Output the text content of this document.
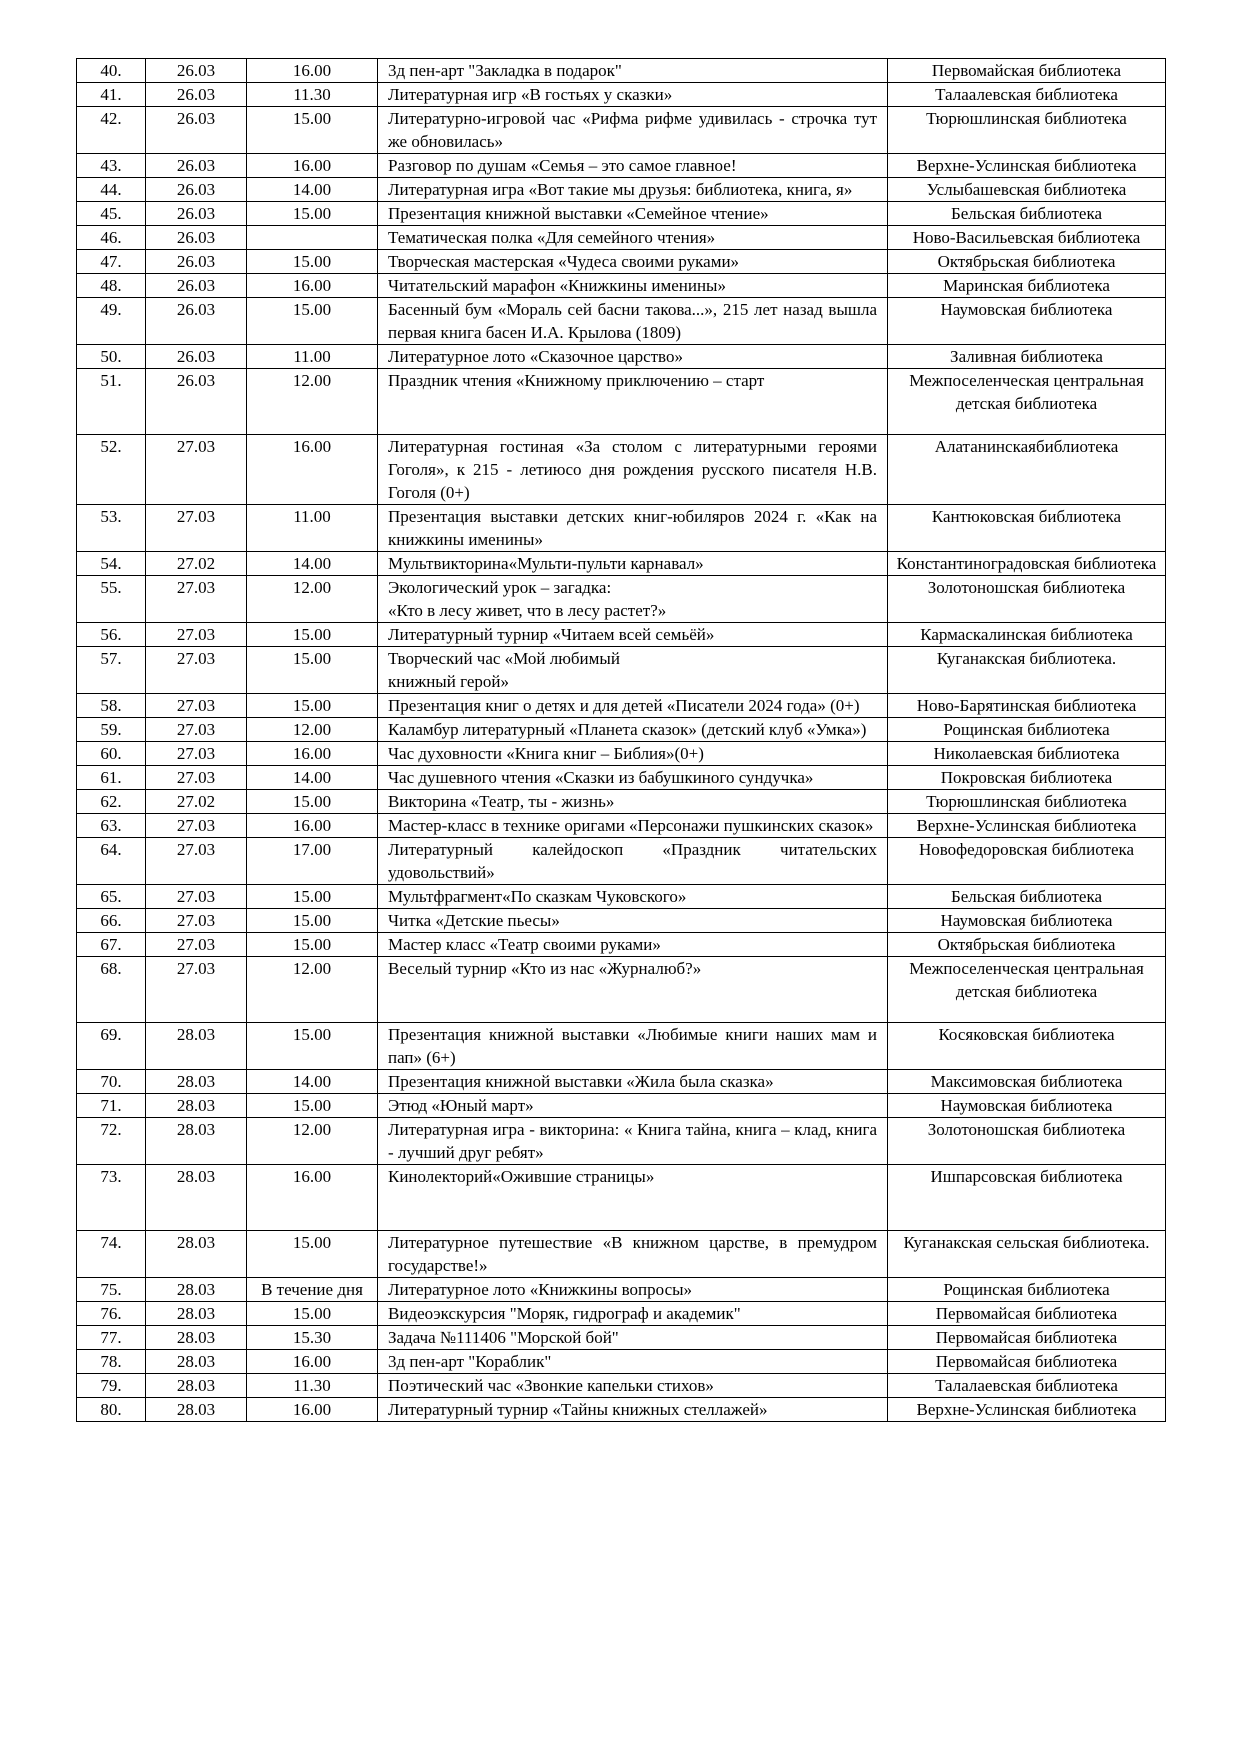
40.	26.03	16.00	3д пен-арт "Закладка в подарок"	Первомайская библиотека
41.	26.03	11.30	Литературная игр «В гостьях у сказки»	Талаалевская библиотека
42.	26.03	15.00	Литературно-игровой час «Рифма рифме удивилась - строчка тут же обновилась»	Тюрюшлинская библиотека
43.	26.03	16.00	Разговор по душам «Семья – это самое главное!	Верхне-Услинская библиотека
44.	26.03	14.00	Литературная игра «Вот такие мы друзья: библиотека, книга, я»	Услыбашевская библиотека
45.	26.03	15.00	Презентация книжной выставки «Семейное чтение»	Бельская библиотека
46.	26.03		Тематическая полка «Для семейного чтения»	Ново-Васильевская библиотека
47.	26.03	15.00	Творческая мастерская «Чудеса своими руками»	Октябрьская библиотека
48.	26.03	16.00	Читательский марафон «Книжкины именины»	Маринская библиотека
49.	26.03	15.00	Басенный бум «Мораль сей басни такова...», 215 лет назад вышла первая книга басен И.А. Крылова (1809)	Наумовская библиотека
50.	26.03	11.00	Литературное лото «Сказочное царство»	Заливная библиотека
51.	26.03	12.00	Праздник чтения «Книжному приключению – старт	Межпоселенческая центральная детская библиотека
52.	27.03	16.00	Литературная гостиная «За столом с литературными героями Гоголя», к 215 - летиюсо дня рождения русского писателя Н.В. Гоголя (0+)	Алатанинскаябиблиотека
53.	27.03	11.00	Презентация выставки детских книг-юбиляров 2024 г. «Как на книжкины именины»	Кантюковская библиотека
54.	27.02	14.00	Мультвикторина«Мульти-пульти карнавал»	Константиноградовская библиотека
55.	27.03	12.00	Экологический урок – загадка:
«Кто в лесу живет, что в лесу растет?»	Золотоношская библиотека
56.	27.03	15.00	Литературный турнир «Читаем всей семьёй»	Кармаскалинская библиотека
57.	27.03	15.00	Творческий час «Мой любимый
книжный герой»	Куганакская библиотека.
58.	27.03	15.00	Презентация книг о детях и для детей «Писатели 2024 года» (0+)	Ново-Барятинская библиотека
59.	27.03	12.00	Каламбур литературный «Планета сказок» (детский клуб «Умка»)	Рощинская библиотека
60.	27.03	16.00	Час духовности «Книга книг – Библия»(0+)	Николаевская библиотека
61.	27.03	14.00	Час душевного чтения «Сказки из бабушкиного сундучка»	Покровская библиотека
62.	27.02	15.00	Викторина «Театр, ты - жизнь»	Тюрюшлинская библиотека
63.	27.03	16.00	Мастер-класс в технике оригами «Персонажи пушкинских сказок»	Верхне-Услинская библиотека
64.	27.03	17.00	Литературный калейдоскоп «Праздник читательских удовольствий»	Новофедоровская библиотека
65.	27.03	15.00	Мультфрагмент«По сказкам Чуковского»	Бельская библиотека
66.	27.03	15.00	Читка «Детские пьесы»	Наумовская библиотека
67.	27.03	15.00	Мастер класс «Театр своими руками»	Октябрьская библиотека
68.	27.03	12.00	Веселый турнир «Кто из нас «Журналюб?»	Межпоселенческая центральная детская библиотека
69.	28.03	15.00	Презентация книжной выставки «Любимые книги наших мам и пап» (6+)	Косяковская библиотека
70.	28.03	14.00	Презентация книжной выставки «Жила была сказка»	Максимовская библиотека
71.	28.03	15.00	Этюд «Юный март»	Наумовская библиотека
72.	28.03	12.00	Литературная игра - викторина: « Книга тайна, книга – клад, книга - лучший друг ребят»	Золотоношская библиотека
73.	28.03	16.00	Кинолекторий«Ожившие страницы»	Ишпарсовская библиотека
74.	28.03	15.00	Литературное путешествие «В книжном царстве, в премудром государстве!»	Куганакская сельская библиотека.
75.	28.03	В течение дня	Литературное лото «Книжкины вопросы»	Рощинская библиотека
76.	28.03	15.00	Видеоэкскурсия "Моряк, гидрограф и академик"	Первомайсая библиотека
77.	28.03	15.30	Задача №111406 "Морской бой"	Первомайсая библиотека
78.	28.03	16.00	3д пен-арт "Кораблик"	Первомайсая библиотека
79.	28.03	11.30	Поэтический час «Звонкие капельки стихов»	Талалаевская библиотека
80.	28.03	16.00	Литературный турнир «Тайны книжных стеллажей»	Верхне-Услинская библиотека
